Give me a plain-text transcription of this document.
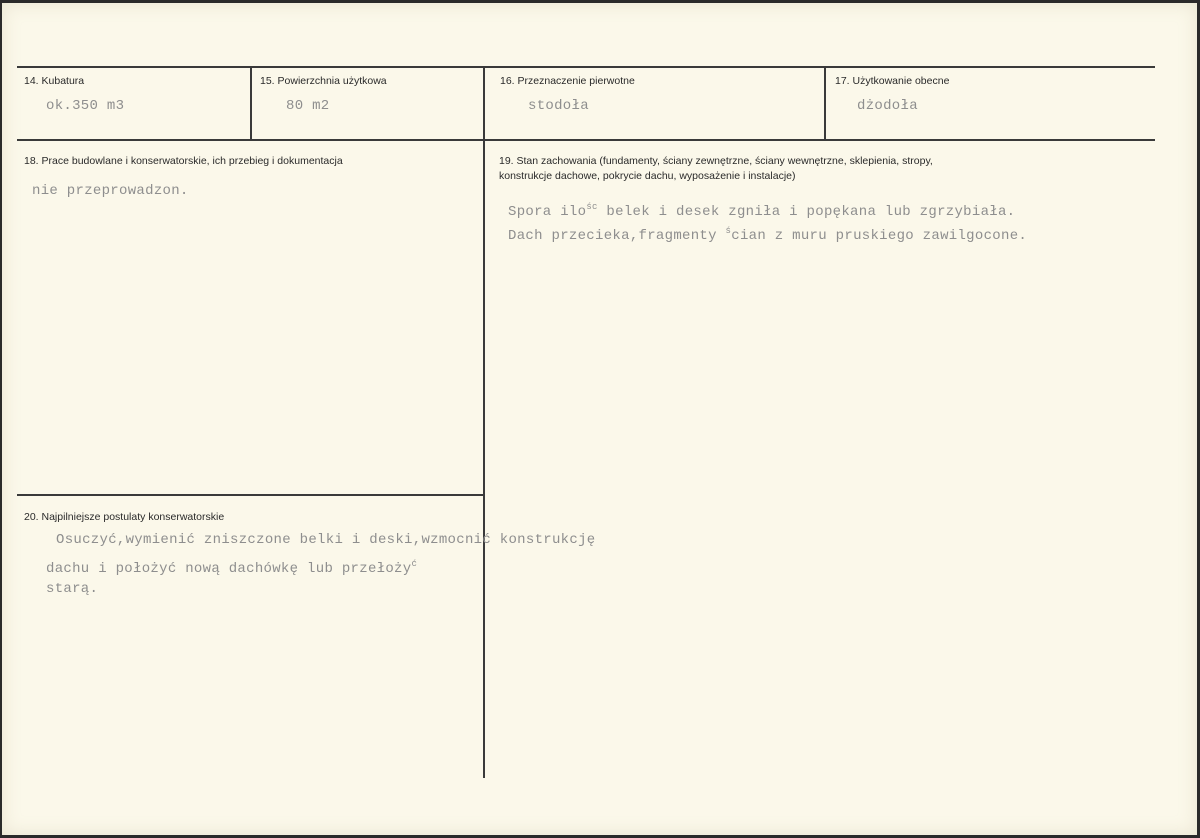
14. Kubatura
ok.350 m3
15. Powierzchnia użytkowa
80 m2
16. Przeznaczenie pierwotne
stodoła
17. Użytkowanie obecne
dżodoła
18. Prace budowlane i konserwatorskie, ich przebieg i dokumentacja
nie przeprowadzon.
19. Stan zachowania (fundamenty, ściany zewnętrzne, ściany wewnętrzne, sklepienia, stropy,
konstrukcje dachowe, pokrycie dachu, wyposażenie i instalacje)
Spora ilo$^{śc}$ belek i desek zgniła i popękana lub zgrzybiała.
Dach przecieka,fragmenty $^ś$cian z muru pruskiego zawilgocone.
20. Najpilniejsze postulaty konserwatorskie
Osuczyć,wymienić zniszczone belki i deski,wzmocnić konstrukcję
dachu i położyć nową dachówkę lub przełoży$^ć$
starą.
